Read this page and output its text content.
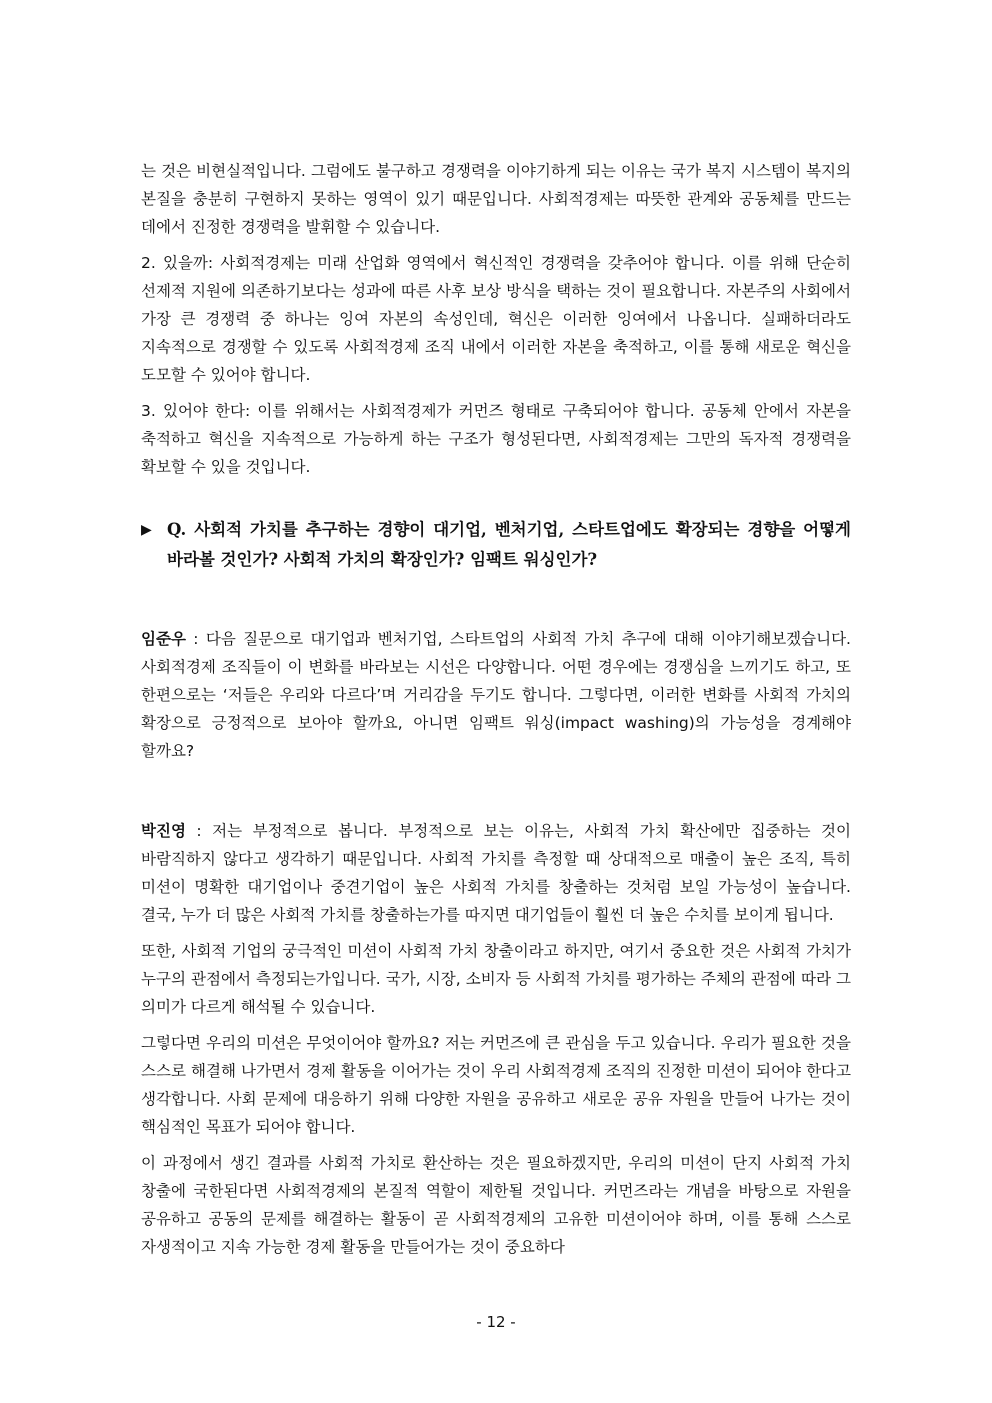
는 것은 비현실적입니다. 그럼에도 불구하고 경쟁력을 이야기하게 되는 이유는 국가 복지 시스템이 복지의 본질을 충분히 구현하지 못하는 영역이 있기 때문입니다. 사회적경제는 따뜻한 관계와 공동체를 만드는 데에서 진정한 경쟁력을 발휘할 수 있습니다.

2. 있을까: 사회적경제는 미래 산업화 영역에서 혁신적인 경쟁력을 갖추어야 합니다. 이를 위해 단순히 선제적 지원에 의존하기보다는 성과에 따른 사후 보상 방식을 택하는 것이 필요합니다. 자본주의 사회에서 가장 큰 경쟁력 중 하나는 잉여 자본의 속성인데, 혁신은 이러한 잉여에서 나옵니다. 실패하더라도 지속적으로 경쟁할 수 있도록 사회적경제 조직 내에서 이러한 자본을 축적하고, 이를 통해 새로운 혁신을 도모할 수 있어야 합니다.

3. 있어야 한다: 이를 위해서는 사회적경제가 커먼즈 형태로 구축되어야 합니다. 공동체 안에서 자본을 축적하고 혁신을 지속적으로 가능하게 하는 구조가 형성된다면, 사회적경제는 그만의 독자적 경쟁력을 확보할 수 있을 것입니다.

▶ Q. 사회적 가치를 추구하는 경향이 대기업, 벤처기업, 스타트업에도 확장되는 경향을 어떻게 바라볼 것인가? 사회적 가치의 확장인가? 임팩트 워싱인가?

임준우 : 다음 질문으로 대기업과 벤처기업, 스타트업의 사회적 가치 추구에 대해 이야기해보겠습니다. 사회적경제 조직들이 이 변화를 바라보는 시선은 다양합니다. 어떤 경우에는 경쟁심을 느끼기도 하고, 또 한편으로는 ‘저들은 우리와 다르다’며 거리감을 두기도 합니다. 그렇다면, 이러한 변화를 사회적 가치의 확장으로 긍정적으로 보아야 할까요, 아니면 임팩트 워싱(impact washing)의 가능성을 경계해야 할까요?

박진영 : 저는 부정적으로 봅니다. 부정적으로 보는 이유는, 사회적 가치 확산에만 집중하는 것이 바람직하지 않다고 생각하기 때문입니다. 사회적 가치를 측정할 때 상대적으로 매출이 높은 조직, 특히 미션이 명확한 대기업이나 중견기업이 높은 사회적 가치를 창출하는 것처럼 보일 가능성이 높습니다. 결국, 누가 더 많은 사회적 가치를 창출하는가를 따지면 대기업들이 훨씬 더 높은 수치를 보이게 됩니다.

또한, 사회적 기업의 궁극적인 미션이 사회적 가치 창출이라고 하지만, 여기서 중요한 것은 사회적 가치가 누구의 관점에서 측정되는가입니다. 국가, 시장, 소비자 등 사회적 가치를 평가하는 주체의 관점에 따라 그 의미가 다르게 해석될 수 있습니다.

그렇다면 우리의 미션은 무엇이어야 할까요? 저는 커먼즈에 큰 관심을 두고 있습니다. 우리가 필요한 것을 스스로 해결해 나가면서 경제 활동을 이어가는 것이 우리 사회적경제 조직의 진정한 미션이 되어야 한다고 생각합니다. 사회 문제에 대응하기 위해 다양한 자원을 공유하고 새로운 공유 자원을 만들어 나가는 것이 핵심적인 목표가 되어야 합니다.

이 과정에서 생긴 결과를 사회적 가치로 환산하는 것은 필요하겠지만, 우리의 미션이 단지 사회적 가치 창출에 국한된다면 사회적경제의 본질적 역할이 제한될 것입니다. 커먼즈라는 개념을 바탕으로 자원을 공유하고 공동의 문제를 해결하는 활동이 곧 사회적경제의 고유한 미션이어야 하며, 이를 통해 스스로 자생적이고 지속 가능한 경제 활동을 만들어가는 것이 중요하다

- 12 -
